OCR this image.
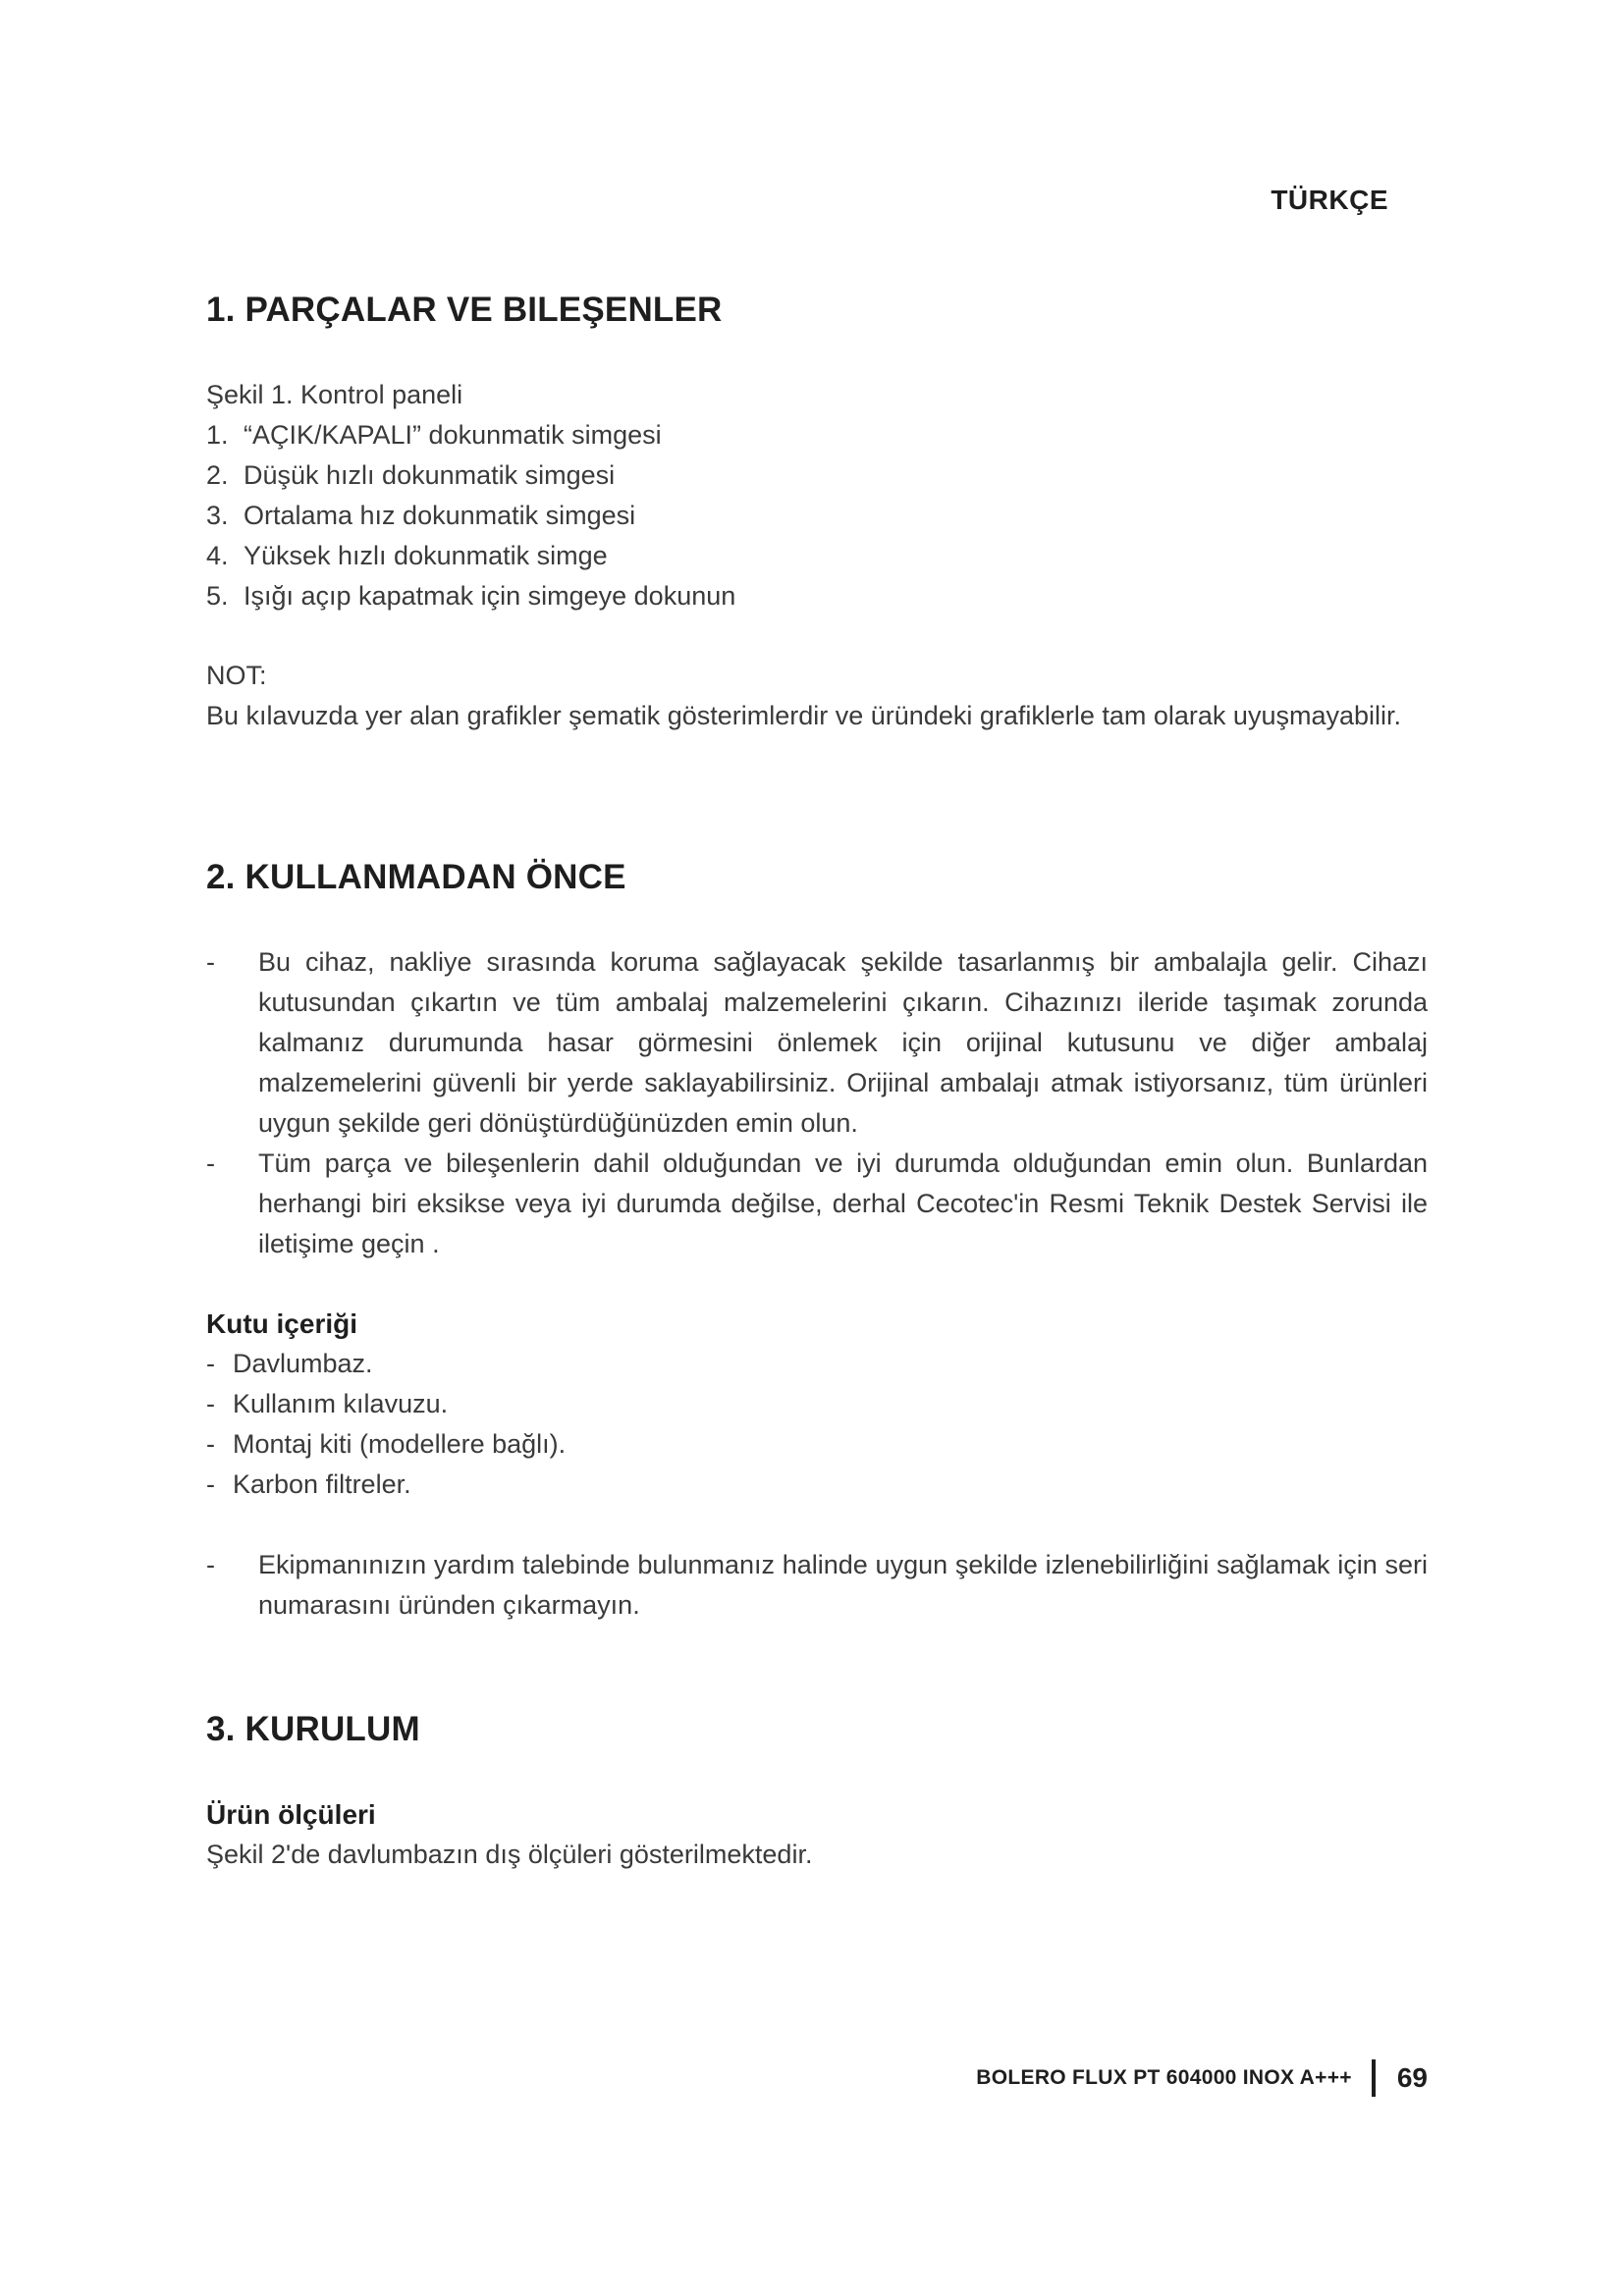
TÜRKÇE
1. PARÇALAR VE BILEŞENLER
Şekil 1. Kontrol paneli
1. “AÇIK/KAPALI” dokunmatik simgesi
2. Düşük hızlı dokunmatik simgesi
3. Ortalama hız dokunmatik simgesi
4. Yüksek hızlı dokunmatik simge
5. Işığı açıp kapatmak için simgeye dokunun
NOT:
Bu kılavuzda yer alan grafikler şematik gösterimlerdir ve üründeki grafiklerle tam olarak uyuşmayabilir.
2. KULLANMADAN ÖNCE
-	Bu cihaz, nakliye sırasında koruma sağlayacak şekilde tasarlanmış bir ambalajla gelir. Cihazı kutusundan çıkartın ve tüm ambalaj malzemelerini çıkarın. Cihazınızı ileride taşımak zorunda kalmanız durumunda hasar görmesini önlemek için orijinal kutusunu ve diğer ambalaj malzemelerini güvenli bir yerde saklayabilirsiniz. Orijinal ambalajı atmak istiyorsanız, tüm ürünleri uygun şekilde geri dönüştürdüğünüzden emin olun.
-	Tüm parça ve bileşenlerin dahil olduğundan ve iyi durumda olduğundan emin olun. Bunlardan herhangi biri eksikse veya iyi durumda değilse, derhal Cecotec'in Resmi Teknik Destek Servisi ile iletişime geçin .
Kutu içeriği
- Davlumbaz.
- Kullanım kılavuzu.
- Montaj kiti (modellere bağlı).
- Karbon filtreler.
-	Ekipmanınızın yardım talebinde bulunmanız halinde uygun şekilde izlenebilirliğini sağlamak için seri numarasını üründen çıkarmayın.
3. KURULUM
Ürün ölçüleri
Şekil 2'de davlumbazın dış ölçüleri gösterilmektedir.
BOLERO FLUX PT 604000 INOX A+++ 69
